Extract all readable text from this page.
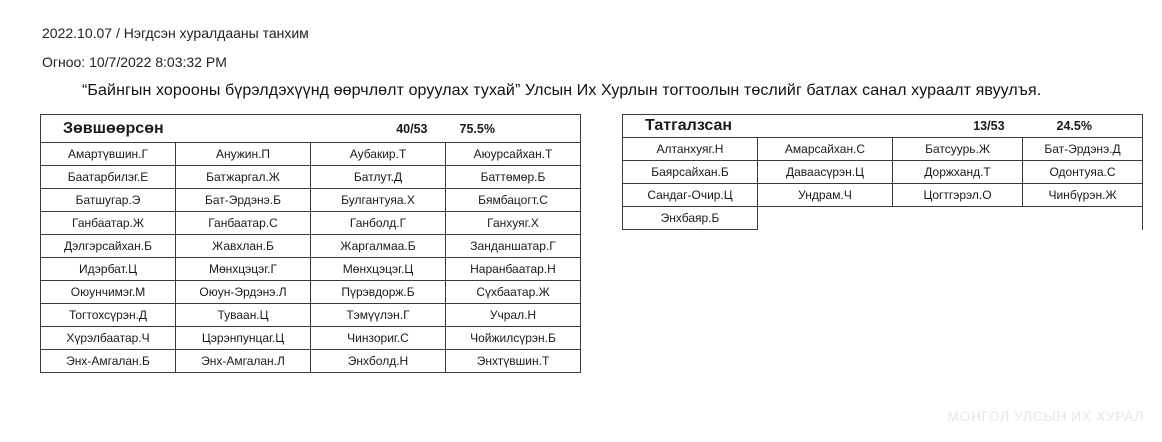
2022.10.07 / Нэгдсэн хуралдааны танхим
Огноо: 10/7/2022 8:03:32 PM
“Байнгын хорооны бүрэлдэхүүнд өөрчлөлт оруулах тухай” Улсын Их Хурлын тогтоолын төслийг батлах санал хураалт явуулъя.
Зөвшөөрсөн		40/53	75.5%
Амартүвшин.Г	Анужин.П	Аубакир.Т	Аюурсайхан.Т
Баатарбилэг.Е	Батжаргал.Ж	Батлут.Д	Баттөмөр.Б
Батшугар.Э	Бат-Эрдэнэ.Б	Булгантуяа.Х	Бямбацогт.С
Ганбаатар.Ж	Ганбаатар.С	Ганболд.Г	Ганхуяг.Х
Дэлгэрсайхан.Б	Жавхлан.Б	Жаргалмаа.Б	Занданшатар.Г
Идэрбат.Ц	Мөнхцэцэг.Г	Мөнхцэцэг.Ц	Наранбаатар.Н
Оюунчимэг.М	Оюун-Эрдэнэ.Л	Пүрэвдорж.Б	Сүхбаатар.Ж
Тогтохсүрэн.Д	Туваан.Ц	Тэмүүлэн.Г	Учрал.Н
Хүрэлбаатар.Ч	Цэрэнпунцаг.Ц	Чинзориг.С	Чойжилсүрэн.Б
Энх-Амгалан.Б	Энх-Амгалан.Л	Энхболд.Н	Энхтүвшин.Т
Татгалзсан		13/53	24.5%
Алтанхуяг.Н	Амарсайхан.С	Батсуурь.Ж	Бат-Эрдэнэ.Д
Баярсайхан.Б	Даваасүрэн.Ц	Доржханд.Т	Одонтуяа.С
Сандаг-Очир.Ц	Ундрам.Ч	Цогтгэрэл.О	Чинбүрэн.Ж
Энхбаяр.Б			
МОНГОЛ УЛСЫН ИХ ХУРАЛ
